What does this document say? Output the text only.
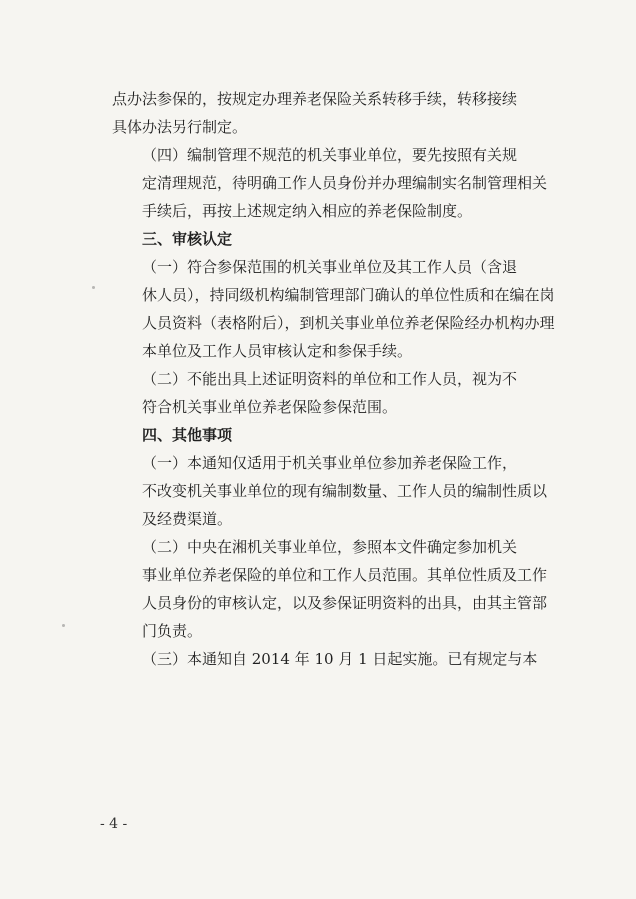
点办法参保的，按规定办理养老保险关系转移手续，转移接续
具体办法另行制定。

（四）编制管理不规范的机关事业单位，要先按照有关规
定清理规范，待明确工作人员身份并办理编制实名制管理相关
手续后，再按上述规定纳入相应的养老保险制度。

三、审核认定

（一）符合参保范围的机关事业单位及其工作人员（含退
休人员），持同级机构编制管理部门确认的单位性质和在编在岗
人员资料（表格附后），到机关事业单位养老保险经办机构办理
本单位及工作人员审核认定和参保手续。

（二）不能出具上述证明资料的单位和工作人员，视为不
符合机关事业单位养老保险参保范围。

四、其他事项

（一）本通知仅适用于机关事业单位参加养老保险工作，
不改变机关事业单位的现有编制数量、工作人员的编制性质以
及经费渠道。

（二）中央在湘机关事业单位，参照本文件确定参加机关
事业单位养老保险的单位和工作人员范围。其单位性质及工作
人员身份的审核认定，以及参保证明资料的出具，由其主管部
门负责。

（三）本通知自 2014 年 10 月 1 日起实施。已有规定与本

- 4 -
